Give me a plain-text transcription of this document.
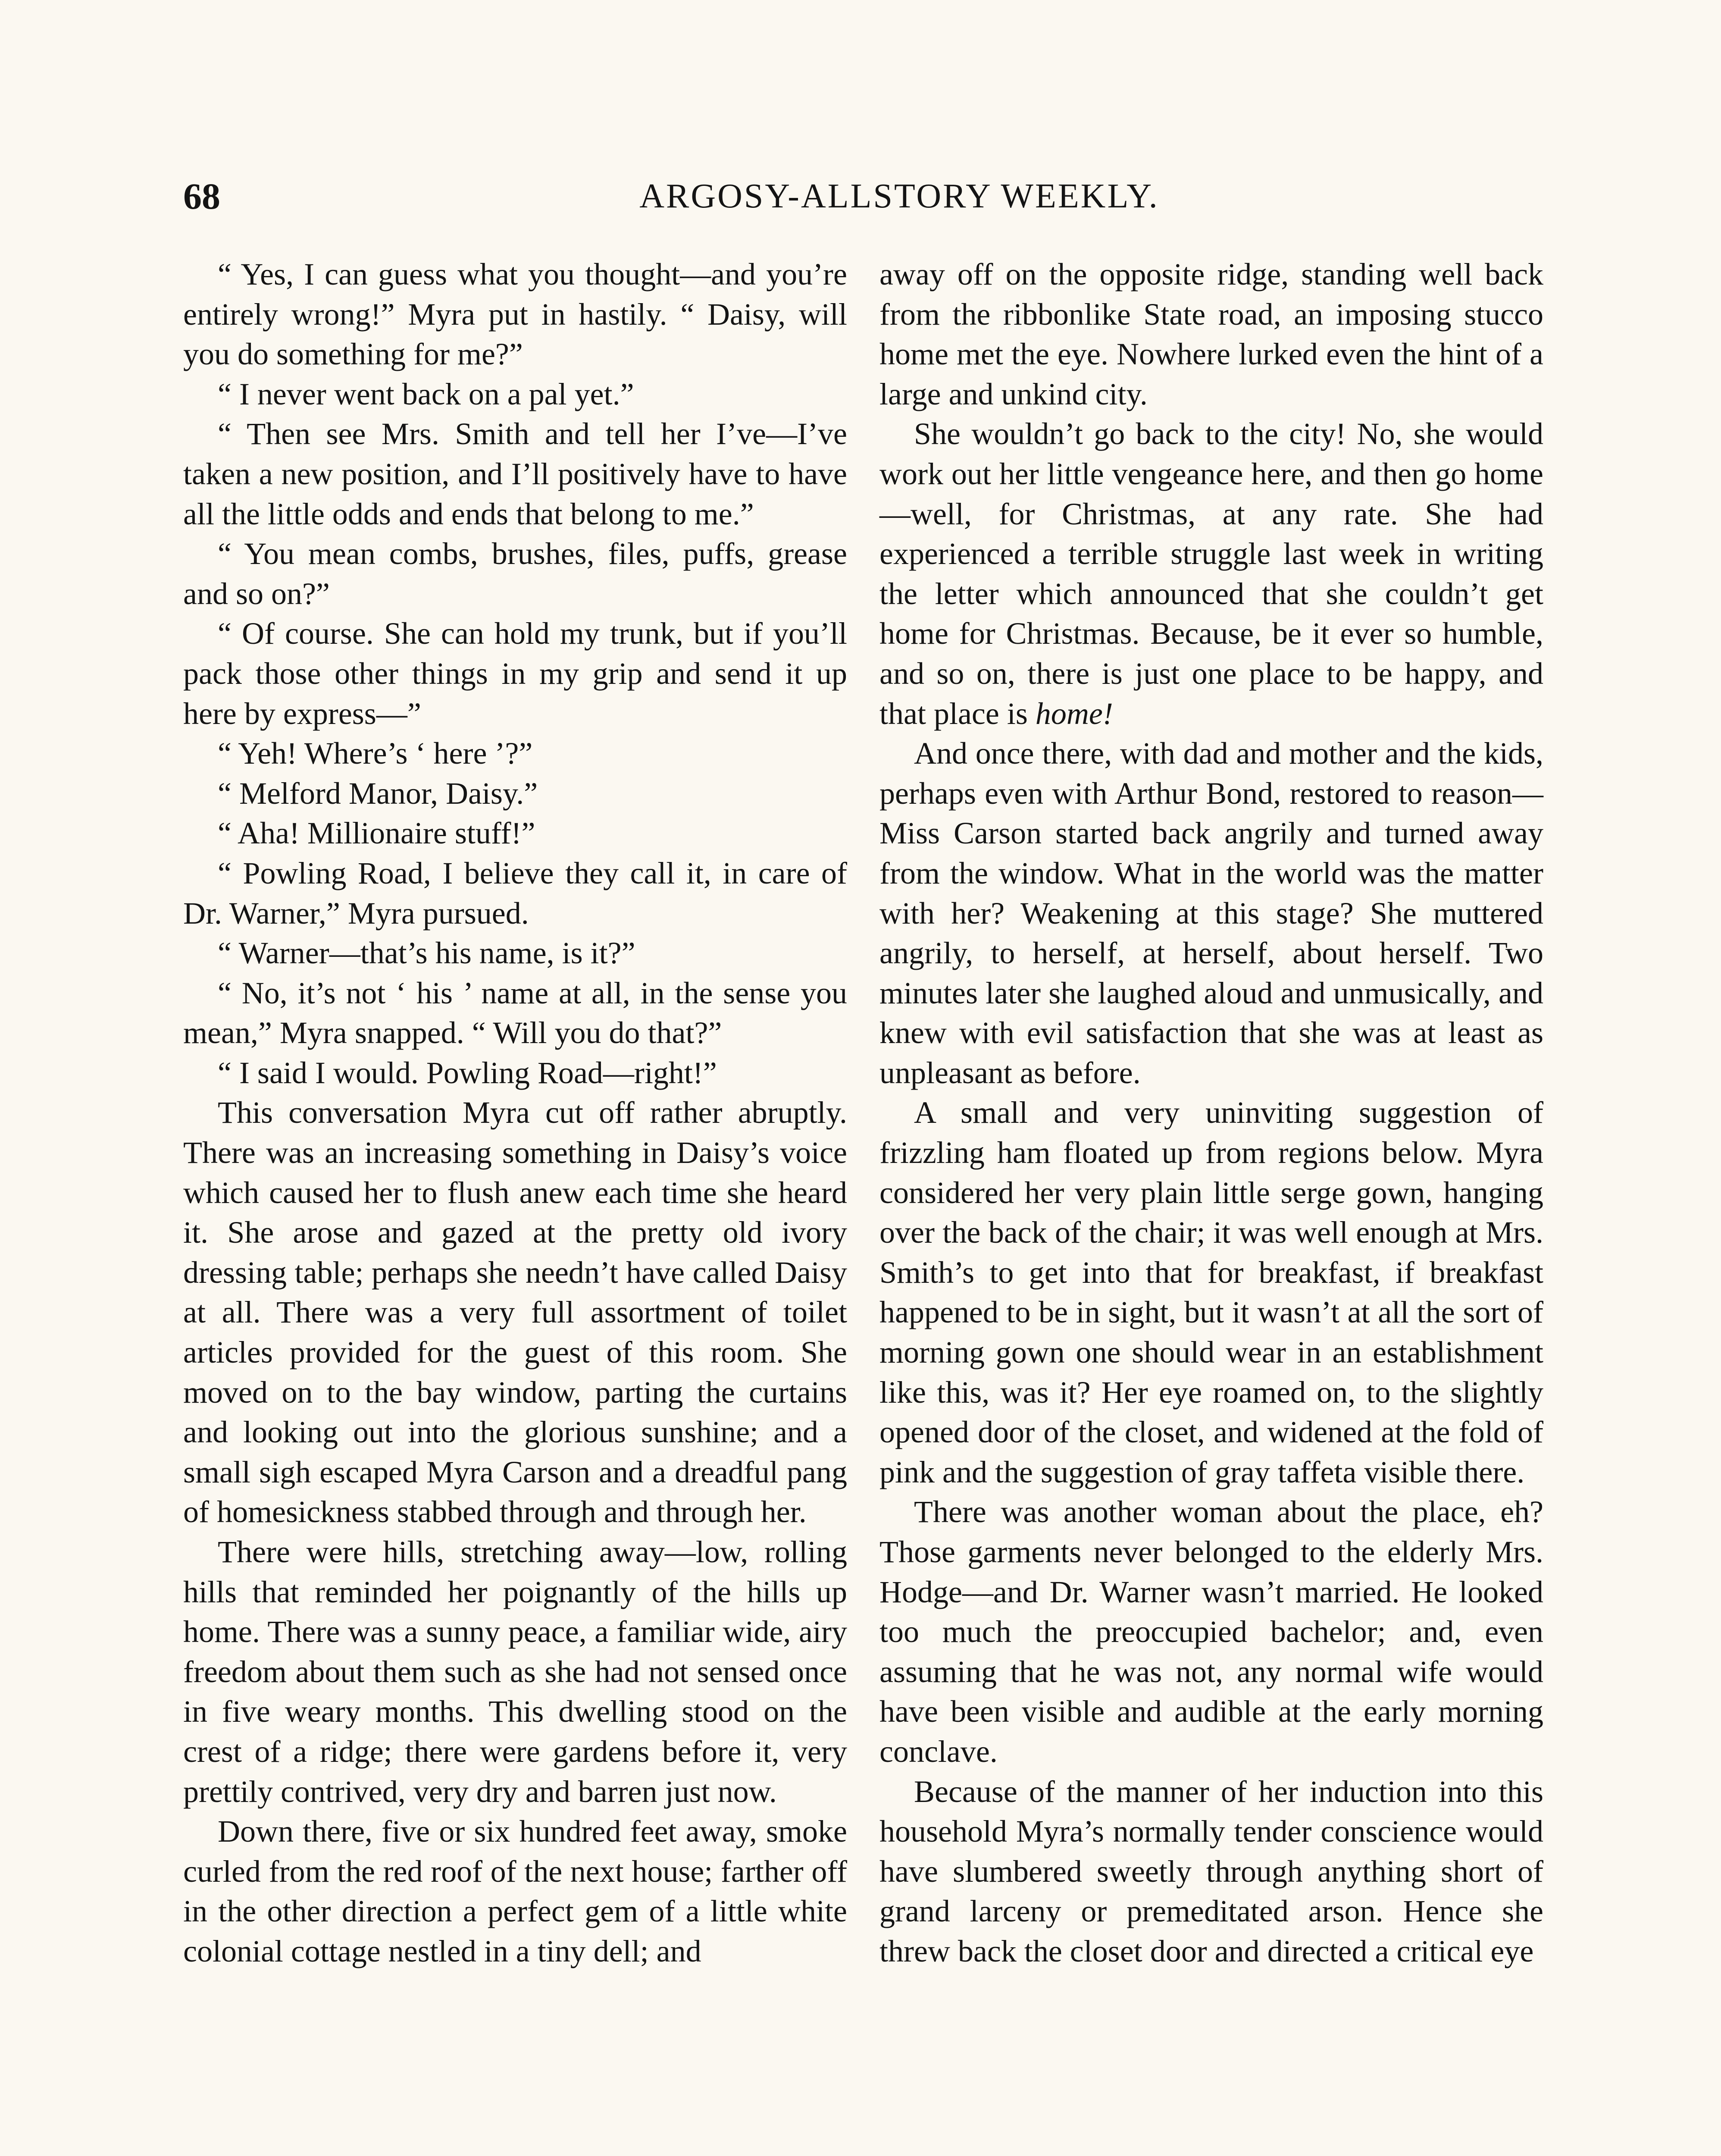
68	ARGOSY-ALLSTORY WEEKLY.

“ Yes, I can guess what you thought—and you’re entirely wrong!” Myra put in hastily. “ Daisy, will you do something for me?”

“ I never went back on a pal yet.”

“ Then see Mrs. Smith and tell her I’ve—I’ve taken a new position, and I’ll positively have to have all the little odds and ends that belong to me.”

“ You mean combs, brushes, files, puffs, grease and so on?”

“ Of course. She can hold my trunk, but if you’ll pack those other things in my grip and send it up here by express—”

“ Yeh! Where’s ‘ here ’?”

“ Melford Manor, Daisy.”

“ Aha! Millionaire stuff!”

“ Powling Road, I believe they call it, in care of Dr. Warner,” Myra pursued.

“ Warner—that’s his name, is it?”

“ No, it’s not ‘ his ’ name at all, in the sense you mean,” Myra snapped. “ Will you do that?”

“ I said I would. Powling Road—right!”

This conversation Myra cut off rather abruptly. There was an increasing something in Daisy’s voice which caused her to flush anew each time she heard it. She arose and gazed at the pretty old ivory dressing table; perhaps she needn’t have called Daisy at all. There was a very full assortment of toilet articles provided for the guest of this room. She moved on to the bay window, parting the curtains and looking out into the glorious sunshine; and a small sigh escaped Myra Carson and a dreadful pang of homesickness stabbed through and through her.

There were hills, stretching away—low, rolling hills that reminded her poignantly of the hills up home. There was a sunny peace, a familiar wide, airy freedom about them such as she had not sensed once in five weary months. This dwelling stood on the crest of a ridge; there were gardens before it, very prettily contrived, very dry and barren just now.

Down there, five or six hundred feet away, smoke curled from the red roof of the next house; farther off in the other direction a perfect gem of a little white colonial cottage nestled in a tiny dell; and

away off on the opposite ridge, standing well back from the ribbonlike State road, an imposing stucco home met the eye. Nowhere lurked even the hint of a large and unkind city.

She wouldn’t go back to the city! No, she would work out her little vengeance here, and then go home—well, for Christmas, at any rate. She had experienced a terrible struggle last week in writing the letter which announced that she couldn’t get home for Christmas. Because, be it ever so humble, and so on, there is just one place to be happy, and that place is home!

And once there, with dad and mother and the kids, perhaps even with Arthur Bond, restored to reason— Miss Carson started back angrily and turned away from the window. What in the world was the matter with her? Weakening at this stage? She muttered angrily, to herself, at herself, about herself. Two minutes later she laughed aloud and unmusically, and knew with evil satisfaction that she was at least as unpleasant as before.

A small and very uninviting suggestion of frizzling ham floated up from regions below. Myra considered her very plain little serge gown, hanging over the back of the chair; it was well enough at Mrs. Smith’s to get into that for breakfast, if breakfast happened to be in sight, but it wasn’t at all the sort of morning gown one should wear in an establishment like this, was it? Her eye roamed on, to the slightly opened door of the closet, and widened at the fold of pink and the suggestion of gray taffeta visible there.

There was another woman about the place, eh? Those garments never belonged to the elderly Mrs. Hodge—and Dr. Warner wasn’t married. He looked too much the preoccupied bachelor; and, even assuming that he was not, any normal wife would have been visible and audible at the early morning conclave.

Because of the manner of her induction into this household Myra’s normally tender conscience would have slumbered sweetly through anything short of grand larceny or premeditated arson. Hence she threw back the closet door and directed a critical eye
